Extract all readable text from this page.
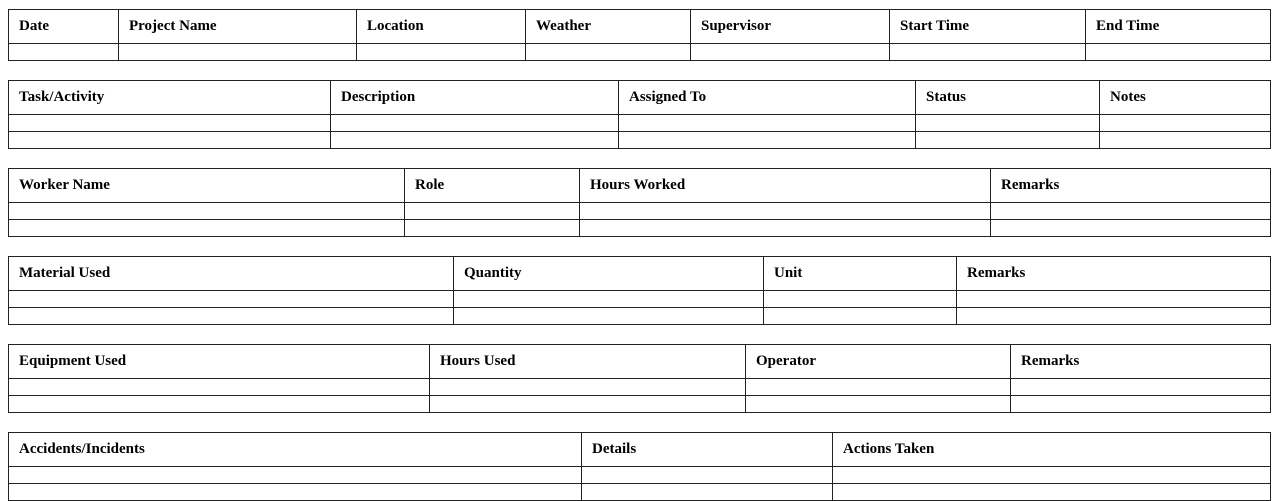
Date	Project Name	Location	Weather	Supervisor	Start Time	End Time

Task/Activity	Description	Assigned To	Status	Notes

Worker Name	Role	Hours Worked	Remarks

Material Used	Quantity	Unit	Remarks

Equipment Used	Hours Used	Operator	Remarks

Accidents/Incidents	Details	Actions Taken
